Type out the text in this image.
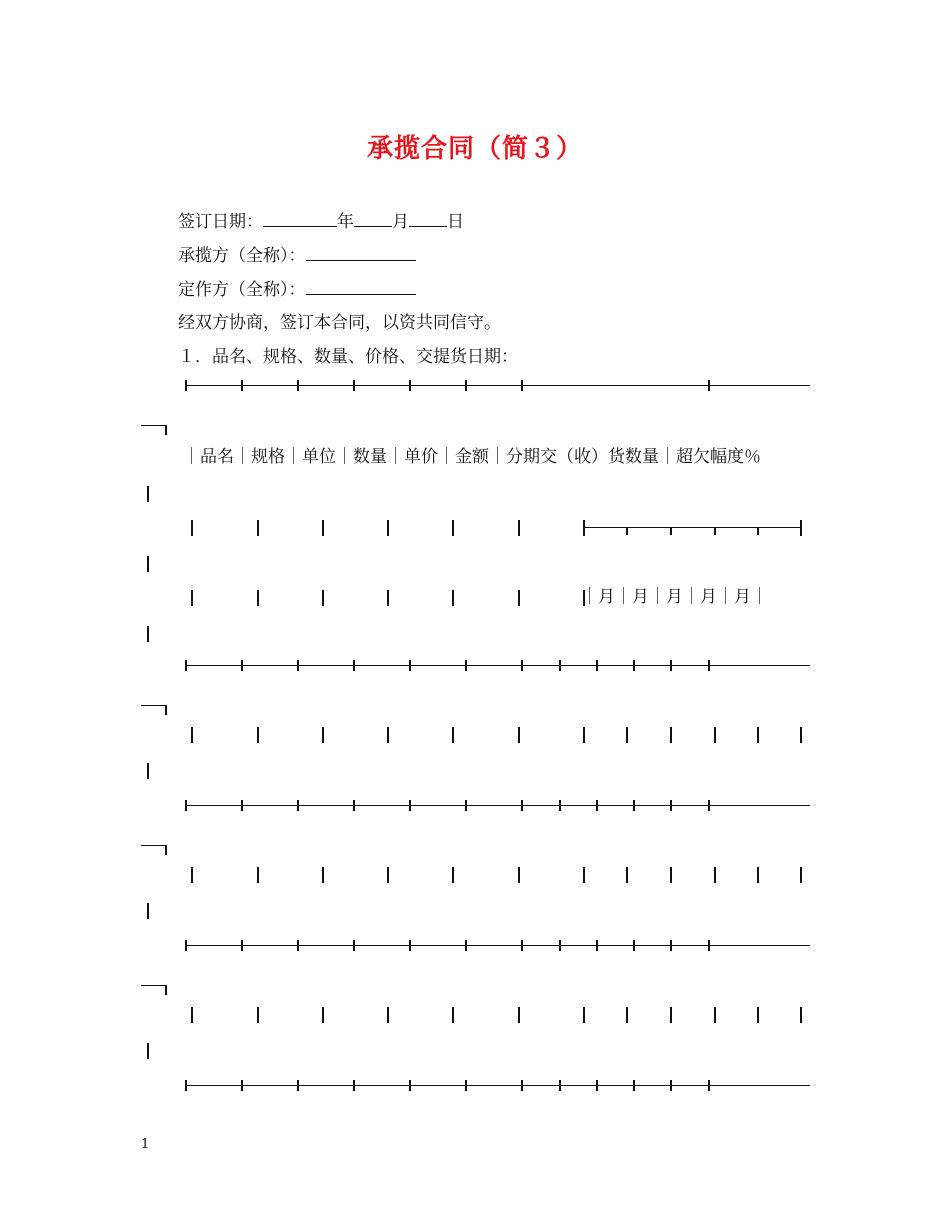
承揽合同（简３）
签订日期：	年 月 日
承揽方（全称）：
定作方（全称）：
经双方协商，签订本合同，以资共同信守。
１．品名、规格、数量、价格、交提货日期：
｜品名｜规格｜单位｜数量｜单价｜金额｜分期交（收）货数量｜超欠幅度％
｜月｜月｜月｜月｜月｜
1
